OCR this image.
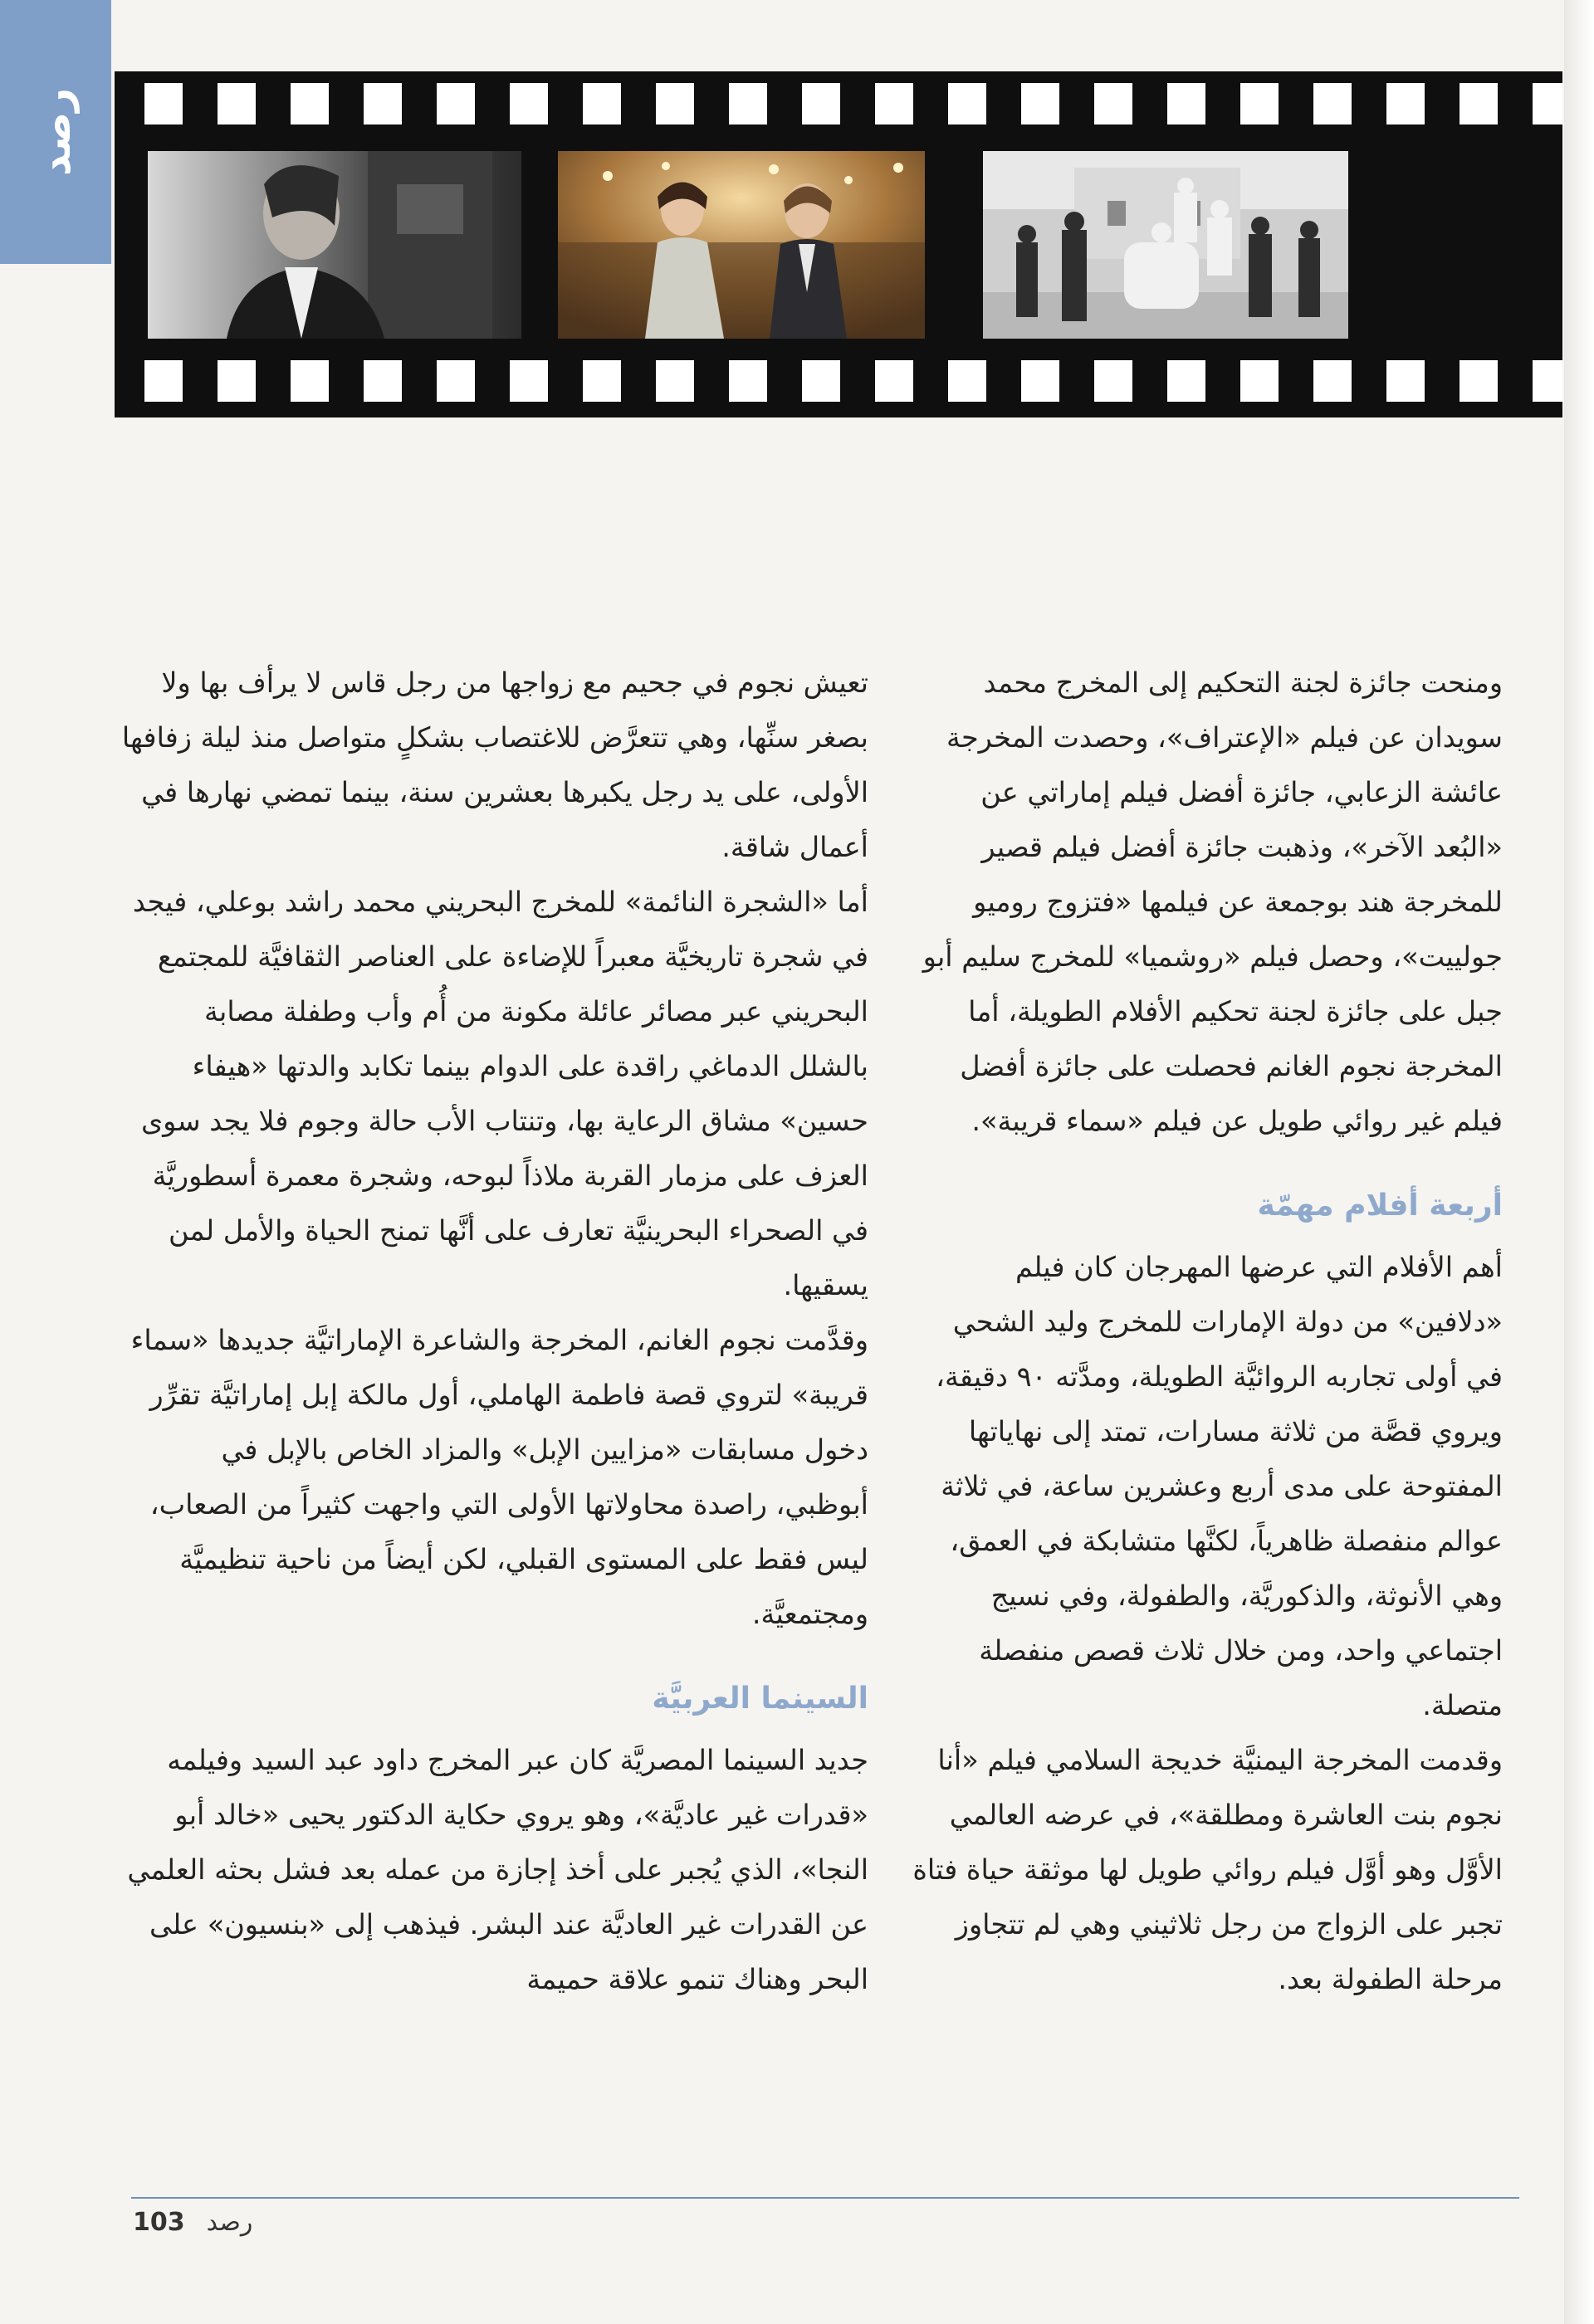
رصد

ومنحت جائزة لجنة التحكيم إلى المخرج محمد سويدان عن فيلم «الإعتراف»، وحصدت المخرجة عائشة الزعابي، جائزة أفضل فيلم إماراتي عن «البُعد الآخر»، وذهبت جائزة أفضل فيلم قصير للمخرجة هند بوجمعة عن فيلمها «فتزوج روميو جولييت»، وحصل فيلم «روشميا» للمخرج سليم أبو جبل على جائزة لجنة تحكيم الأفلام الطويلة، أما المخرجة نجوم الغانم فحصلت على جائزة أفضل فيلم غير روائي طويل عن فيلم «سماء قريبة».

أربعة أفلام مهمّة

أهم الأفلام التي عرضها المهرجان كان فيلم «دلافين» من دولة الإمارات للمخرج وليد الشحي في أولى تجاربه الروائيَّة الطويلة، ومدَّته ٩٠ دقيقة، ويروي قصَّة من ثلاثة مسارات، تمتد إلى نهاياتها المفتوحة على مدى أربع وعشرين ساعة، في ثلاثة عوالم منفصلة ظاهرياً، لكنَّها متشابكة في العمق، وهي الأنوثة، والذكوريَّة، والطفولة، وفي نسيج اجتماعي واحد، ومن خلال ثلاث قصص منفصلة متصلة.

وقدمت المخرجة اليمنيَّة خديجة السلامي فيلم «أنا نجوم بنت العاشرة ومطلقة»، في عرضه العالمي الأوَّل وهو أوَّل فيلم روائي طويل لها موثقة حياة فتاة تجبر على الزواج من رجل ثلاثيني وهي لم تتجاوز مرحلة الطفولة بعد.

تعيش نجوم في جحيم مع زواجها من رجل قاس لا يرأف بها ولا بصغر سنِّها، وهي تتعرَّض للاغتصاب بشكلٍ متواصل منذ ليلة زفافها الأولى، على يد رجل يكبرها بعشرين سنة، بينما تمضي نهارها في أعمال شاقة.

أما «الشجرة النائمة» للمخرج البحريني محمد راشد بوعلي، فيجد في شجرة تاريخيَّة معبراً للإضاءة على العناصر الثقافيَّة للمجتمع البحريني عبر مصائر عائلة مكونة من أُم وأب وطفلة مصابة بالشلل الدماغي راقدة على الدوام بينما تكابد والدتها «هيفاء حسين» مشاق الرعاية بها، وتنتاب الأب حالة وجوم فلا يجد سوى العزف على مزمار القربة ملاذاً لبوحه، وشجرة معمرة أسطوريَّة في الصحراء البحرينيَّة تعارف على أنَّها تمنح الحياة والأمل لمن يسقيها.

وقدَّمت نجوم الغانم، المخرجة والشاعرة الإماراتيَّة جديدها «سماء قريبة» لتروي قصة فاطمة الهاملي، أول مالكة إبل إماراتيَّة تقرِّر دخول مسابقات «مزايين الإبل» والمزاد الخاص بالإبل في أبوظبي، راصدة محاولاتها الأولى التي واجهت كثيراً من الصعاب، ليس فقط على المستوى القبلي، لكن أيضاً من ناحية تنظيميَّة ومجتمعيَّة.

السينما العربيَّة

جديد السينما المصريَّة كان عبر المخرج داود عبد السيد وفيلمه «قدرات غير عاديَّة»، وهو يروي حكاية الدكتور يحيى «خالد أبو النجا»، الذي يُجبر على أخذ إجازة من عمله بعد فشل بحثه العلمي عن القدرات غير العاديَّة عند البشر. فيذهب إلى «بنسيون» على البحر وهناك تنمو علاقة حميمة

103 رصد
